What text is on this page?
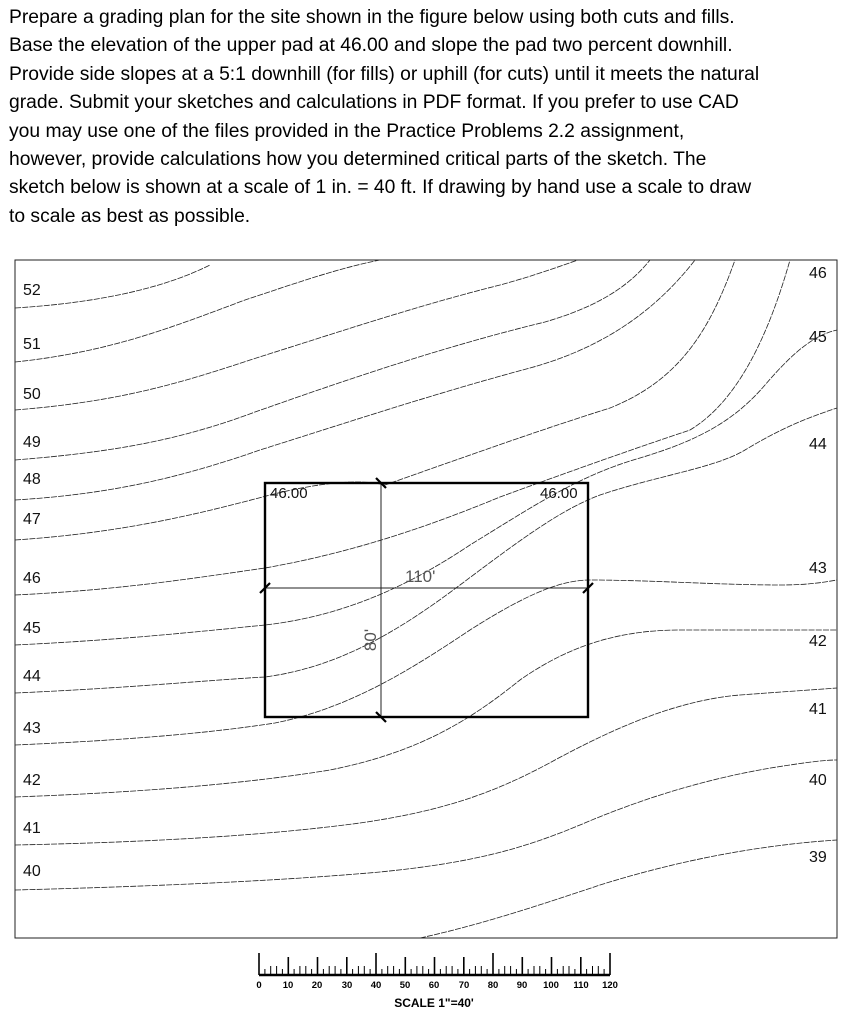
Prepare a grading plan for the site shown in the figure below using both cuts and fills.
Base the elevation of the upper pad at 46.00 and slope the pad two percent downhill.
Provide side slopes at a 5:1 downhill (for fills) or uphill (for cuts) until it meets the natural
grade. Submit your sketches and calculations in PDF format. If you prefer to use CAD
you may use one of the files provided in the Practice Problems 2.2 assignment,
however, provide calculations how you determined critical parts of the sketch. The
sketch below is shown at a scale of 1 in. = 40 ft. If drawing by hand use a scale to draw
to scale as best as possible.
52
51
50
49
48
47
46
45
44
43
42
41
40
46
45
44
43
42
41
40
39
46.00	46.00
110'
80'
0 10 20 30 40 50 60 70 80 90 100 110 120
SCALE 1"=40'
